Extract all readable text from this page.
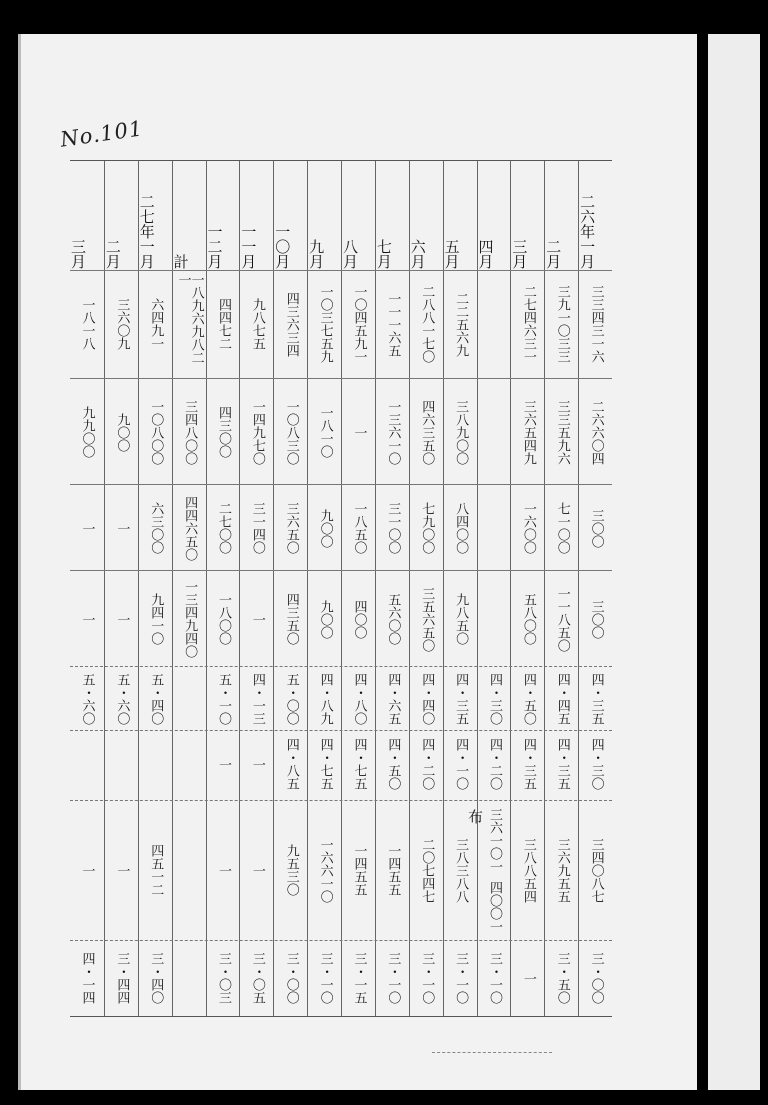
No.101
三月
一八一八
九九〇〇
一
一
五・六〇
一
四・一四
二月
三六〇九
九〇〇
一
一
五・六〇
一
三・四四
二七年一月
六四九一
一〇八〇〇
六三〇〇
九四一〇
五・四〇
四五一二
三・四〇
計
一八九六九八二一
三四八〇〇
四四六五〇
一三四九四〇
一二月
四四七二
四三〇〇
二七〇〇
一八〇〇
五・一〇
一
一
三・〇三
一一月
九八七五
一四九七〇
三一四〇
一
四・一三
一
一
三・〇五
一〇月
四三六三四
一〇八三〇
三六五〇
四三五〇
五・〇〇
四・八五
九五三〇
三・〇〇
九月
一〇三七五九
一八一〇
九〇〇
九〇〇
四・八九
四・七五
一六六一〇
三・一〇
八月
一〇四五九一
一
一八五〇
四〇〇
四・八〇
四・七五
一四五五
三・一五
七月
一一一六五
一三六一〇
三一〇〇
五六〇〇
四・六五
四・五〇
一四五五
三・一〇
六月
二八八一七〇
四六三五〇
七九〇〇
三五六五〇
四・四〇
四・二〇
二〇七四七
三・一〇
五月
二二五六九
三八九〇〇
八四〇〇
九八五〇
四・三五
四・一〇
三八三八八
三・一〇
四月
四・三〇
四・二〇
三六一〇一 四〇〇一
三・一〇
三月
二七四六三一
三六五四九
一六〇〇
五八〇〇
四・五〇
四・三五
三八八五四
一
二月
三九一〇三三
三三五九六
七一〇〇
一一八五〇
四・四五
四・三五
三六九五五
三・五〇
二六年一月
三三四三一六
二六六〇四
三〇〇
三〇〇
四・三五
四・三〇
三四〇八七
三・〇〇
布
